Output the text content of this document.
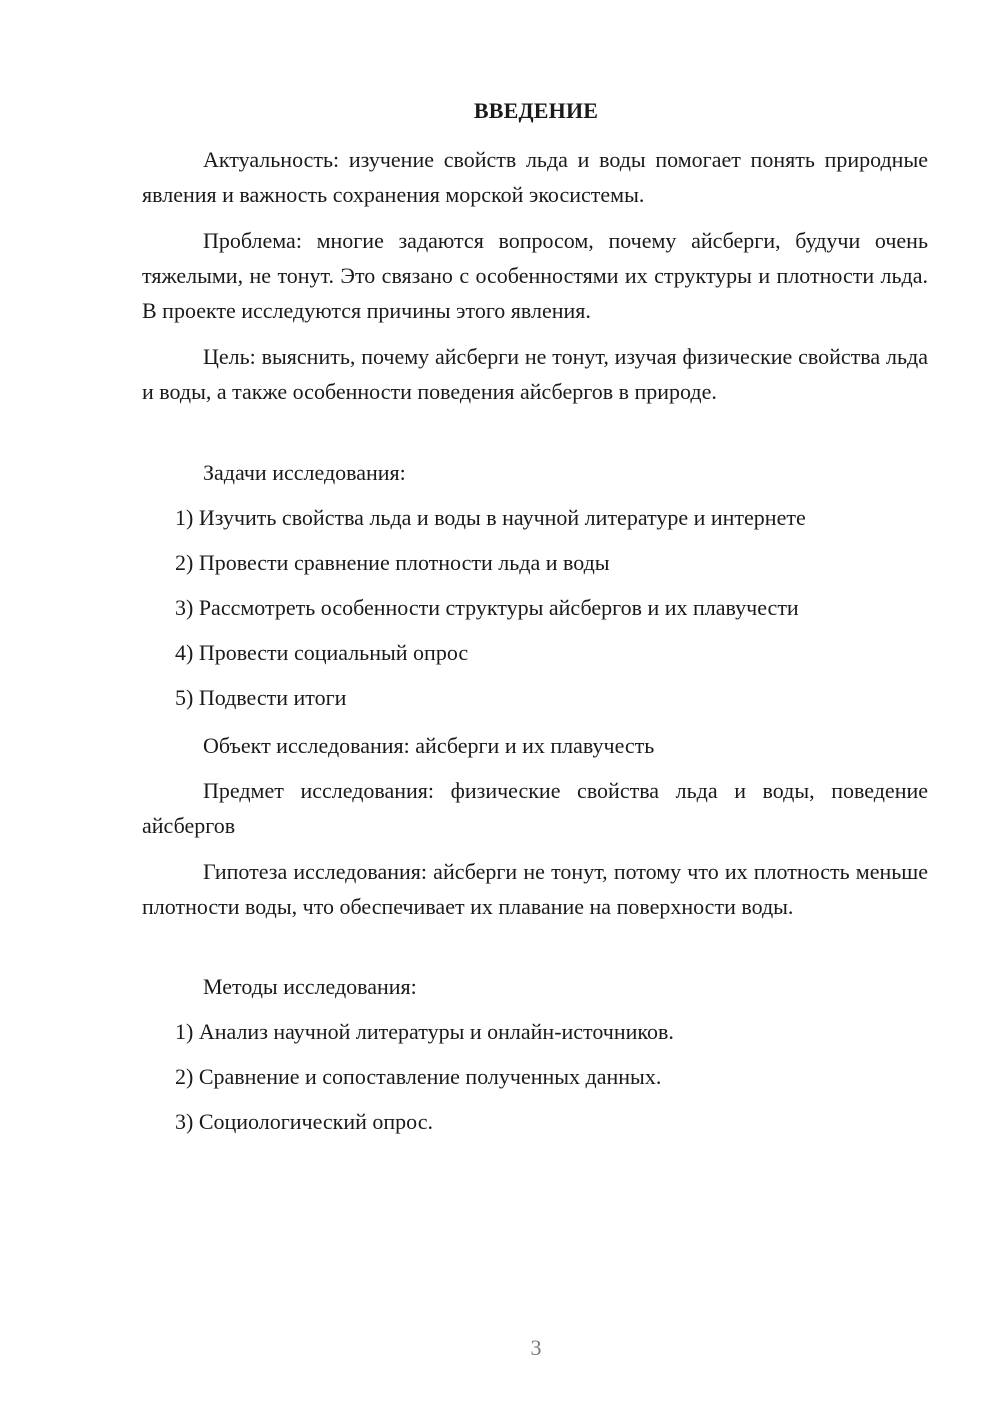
ВВЕДЕНИЕ

Актуальность: изучение свойств льда и воды помогает понять природные явления и важность сохранения морской экосистемы.

Проблема: многие задаются вопросом, почему айсберги, будучи очень тяжелыми, не тонут. Это связано с особенностями их структуры и плотности льда. В проекте исследуются причины этого явления.

Цель: выяснить, почему айсберги не тонут, изучая физические свойства льда и воды, а также особенности поведения айсбергов в природе.

Задачи исследования:

1) Изучить свойства льда и воды в научной литературе и интернете
2) Провести сравнение плотности льда и воды
3) Рассмотреть особенности структуры айсбергов и их плавучести
4) Провести социальный опрос
5) Подвести итоги

Объект исследования: айсберги и их плавучесть

Предмет исследования: физические свойства льда и воды, поведение айсбергов

Гипотеза исследования: айсберги не тонут, потому что их плотность меньше плотности воды, что обеспечивает их плавание на поверхности воды.

Методы исследования:

1) Анализ научной литературы и онлайн-источников.
2) Сравнение и сопоставление полученных данных.
3) Социологический опрос.
3
